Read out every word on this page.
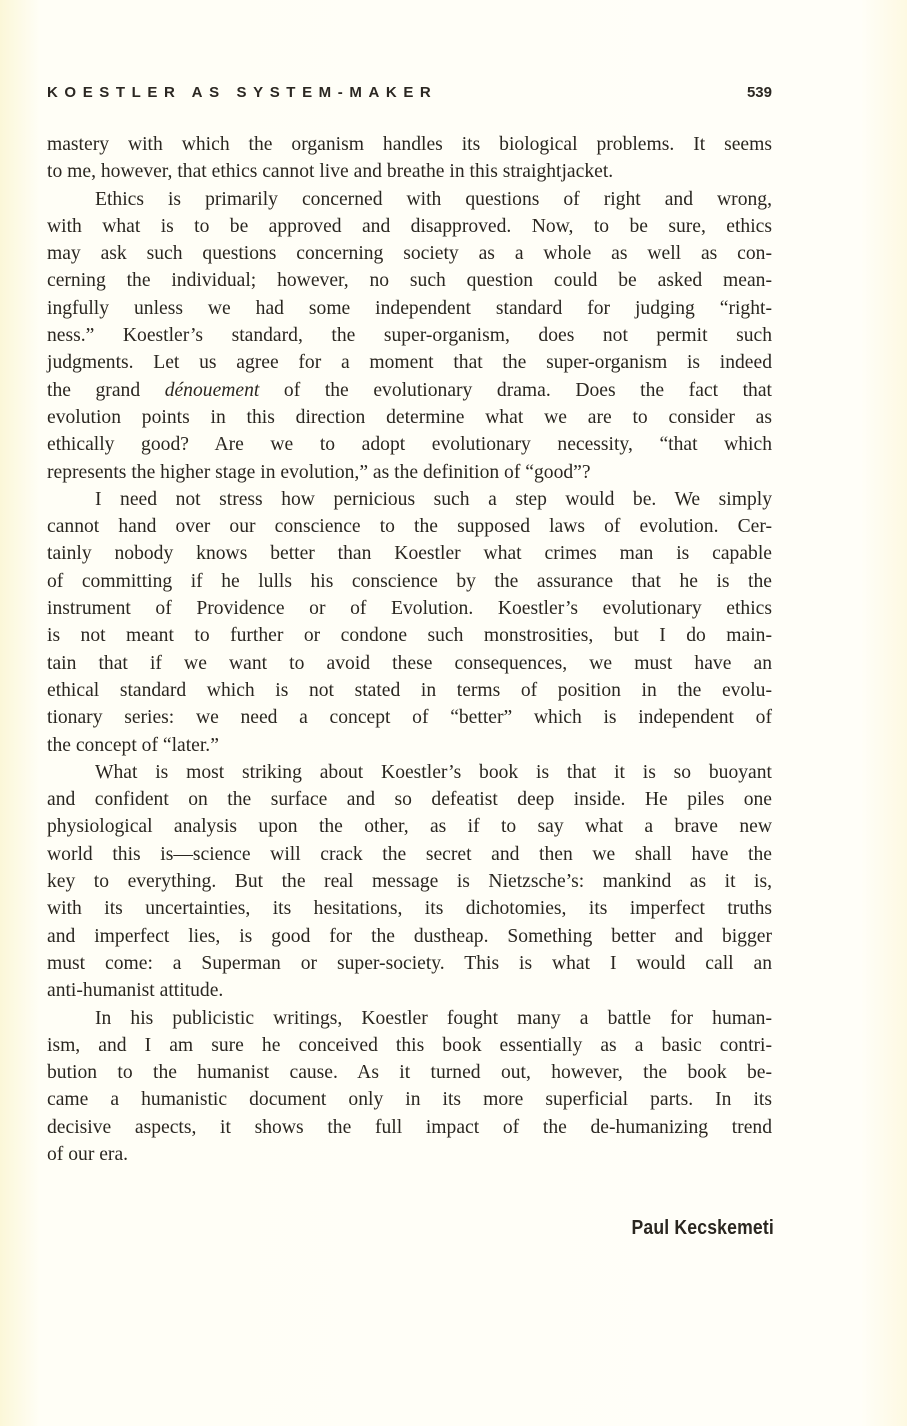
KOESTLER AS SYSTEM-MAKER	539
mastery with which the organism handles its biological problems. It seems
to me, however, that ethics cannot live and breathe in this straightjacket.
Ethics is primarily concerned with questions of right and wrong,
with what is to be approved and disapproved. Now, to be sure, ethics
may ask such questions concerning society as a whole as well as con-
cerning the individual; however, no such question could be asked mean-
ingfully unless we had some independent standard for judging “right-
ness.” Koestler’s standard, the super-organism, does not permit such
judgments. Let us agree for a moment that the super-organism is indeed
the grand dénouement of the evolutionary drama. Does the fact that
evolution points in this direction determine what we are to consider as
ethically good? Are we to adopt evolutionary necessity, “that which
represents the higher stage in evolution,” as the definition of “good”?
I need not stress how pernicious such a step would be. We simply
cannot hand over our conscience to the supposed laws of evolution. Cer-
tainly nobody knows better than Koestler what crimes man is capable
of committing if he lulls his conscience by the assurance that he is the
instrument of Providence or of Evolution. Koestler’s evolutionary ethics
is not meant to further or condone such monstrosities, but I do main-
tain that if we want to avoid these consequences, we must have an
ethical standard which is not stated in terms of position in the evolu-
tionary series: we need a concept of “better” which is independent of
the concept of “later.”
What is most striking about Koestler’s book is that it is so buoyant
and confident on the surface and so defeatist deep inside. He piles one
physiological analysis upon the other, as if to say what a brave new
world this is—science will crack the secret and then we shall have the
key to everything. But the real message is Nietzsche’s: mankind as it is,
with its uncertainties, its hesitations, its dichotomies, its imperfect truths
and imperfect lies, is good for the dustheap. Something better and bigger
must come: a Superman or super-society. This is what I would call an
anti-humanist attitude.
In his publicistic writings, Koestler fought many a battle for human-
ism, and I am sure he conceived this book essentially as a basic contri-
bution to the humanist cause. As it turned out, however, the book be-
came a humanistic document only in its more superficial parts. In its
decisive aspects, it shows the full impact of the de-humanizing trend
of our era.
Paul Kecskemeti
